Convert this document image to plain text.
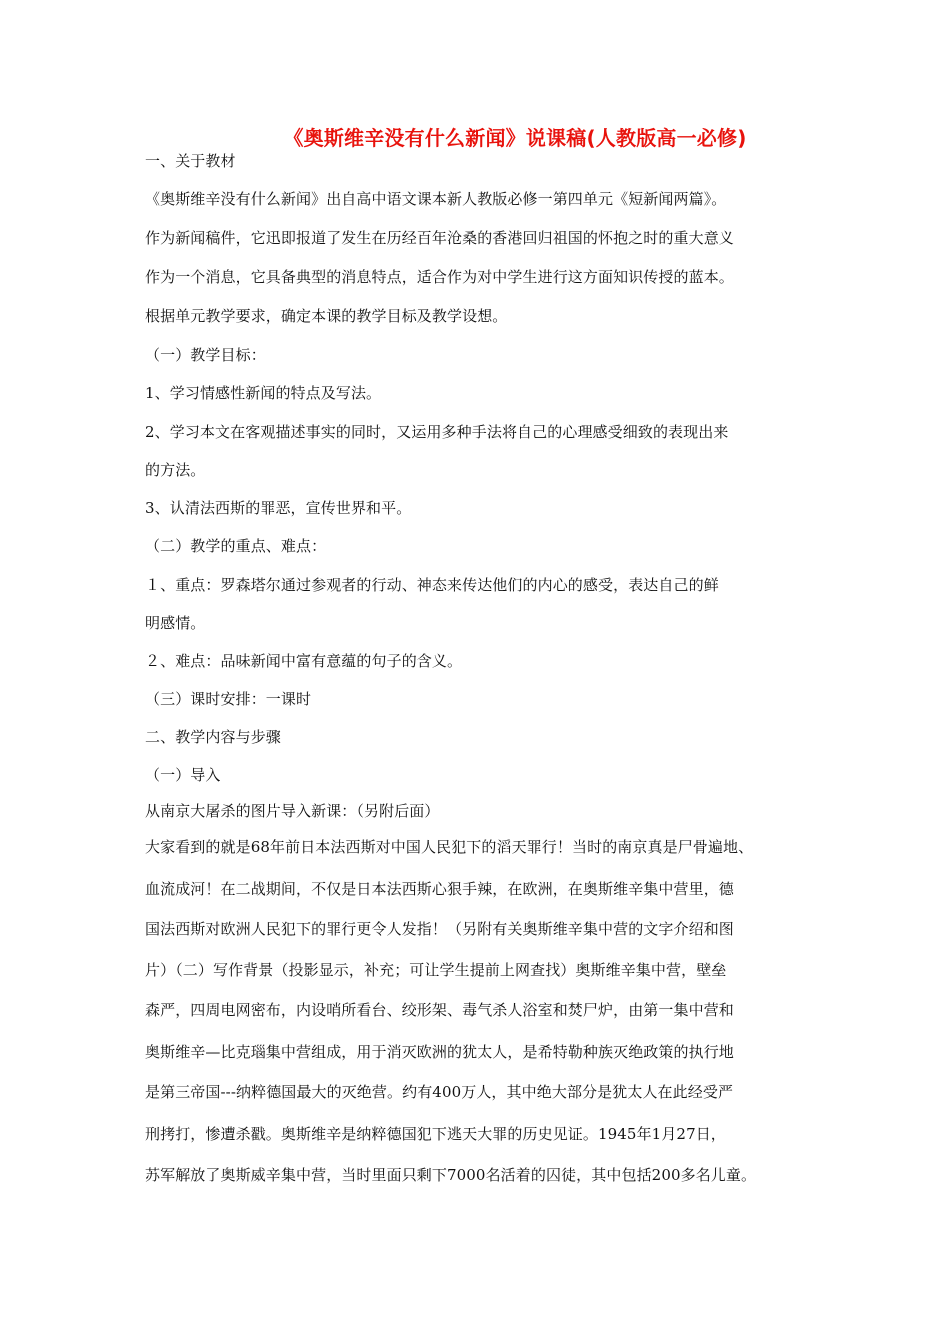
《奥斯维辛没有什么新闻》说课稿(人教版高一必修)
一、关于教材
《奥斯维辛没有什么新闻》出自高中语文课本新人教版必修一第四单元《短新闻两篇》。
作为新闻稿件，它迅即报道了发生在历经百年沧桑的香港回归祖国的怀抱之时的重大意义
作为一个消息，它具备典型的消息特点，适合作为对中学生进行这方面知识传授的蓝本。
根据单元教学要求，确定本课的教学目标及教学设想。
（一）教学目标：
1、学习情感性新闻的特点及写法。
2、学习本文在客观描述事实的同时，又运用多种手法将自己的心理感受细致的表现出来
的方法。
3、认清法西斯的罪恶，宣传世界和平。
（二）教学的重点、难点：
１、重点：罗森塔尔通过参观者的行动、神态来传达他们的内心的感受，表达自己的鲜
明感情。
２、难点：品味新闻中富有意蕴的句子的含义。
（三）课时安排：一课时
二、教学内容与步骤
（一）导入
从南京大屠杀的图片导入新课：（另附后面）
大家看到的就是68年前日本法西斯对中国人民犯下的滔天罪行！当时的南京真是尸骨遍地、
血流成河！在二战期间，不仅是日本法西斯心狠手辣，在欧洲，在奥斯维辛集中营里，德
国法西斯对欧洲人民犯下的罪行更令人发指！（另附有关奥斯维辛集中营的文字介绍和图
片）（二）写作背景（投影显示，补充；可让学生提前上网查找）奥斯维辛集中营，壁垒
森严，四周电网密布，内设哨所看台、绞形架、毒气杀人浴室和焚尸炉，由第一集中营和
奥斯维辛—比克瑙集中营组成，用于消灭欧洲的犹太人，是希特勒种族灭绝政策的执行地
是第三帝国---纳粹德国最大的灭绝营。约有400万人，其中绝大部分是犹太人在此经受严
刑拷打，惨遭杀戳。奥斯维辛是纳粹德国犯下逃天大罪的历史见证。1945年1月27日，
苏军解放了奥斯威辛集中营，当时里面只剩下7000名活着的囚徒，其中包括200多名儿童。
